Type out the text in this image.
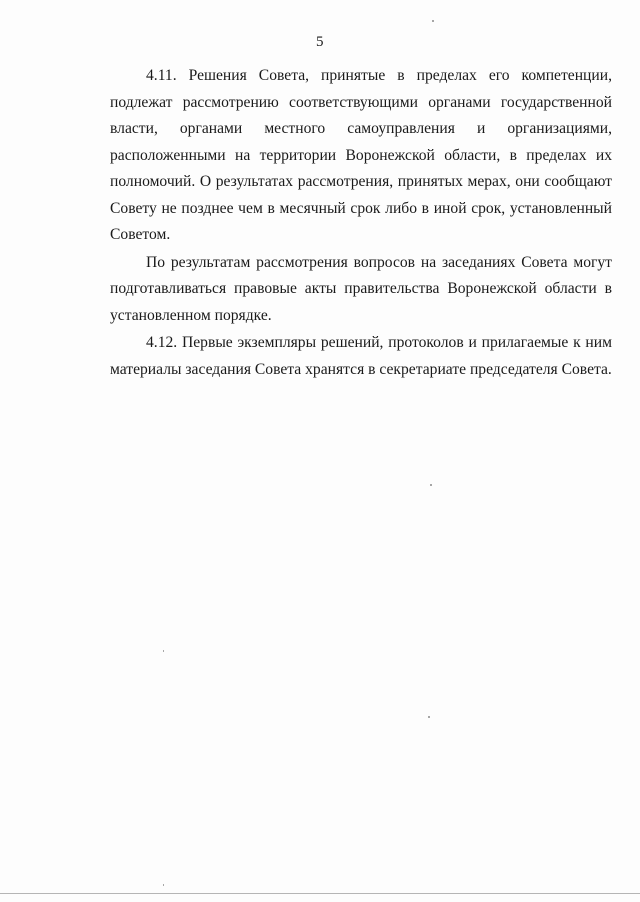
5

4.11. Решения Совета, принятые в пределах его компетенции, подлежат рассмотрению соответствующими органами государственной власти, органами местного самоуправления и организациями, расположенными на территории Воронежской области, в пределах их полномочий. О результатах рассмотрения, принятых мерах, они сообщают Совету не позднее чем в месячный срок либо в иной срок, установленный Советом.

По результатам рассмотрения вопросов на заседаниях Совета могут подготавливаться правовые акты правительства Воронежской области в установленном порядке.

4.12. Первые экземпляры решений, протоколов и прилагаемые к ним материалы заседания Совета хранятся в секретариате председателя Совета.
